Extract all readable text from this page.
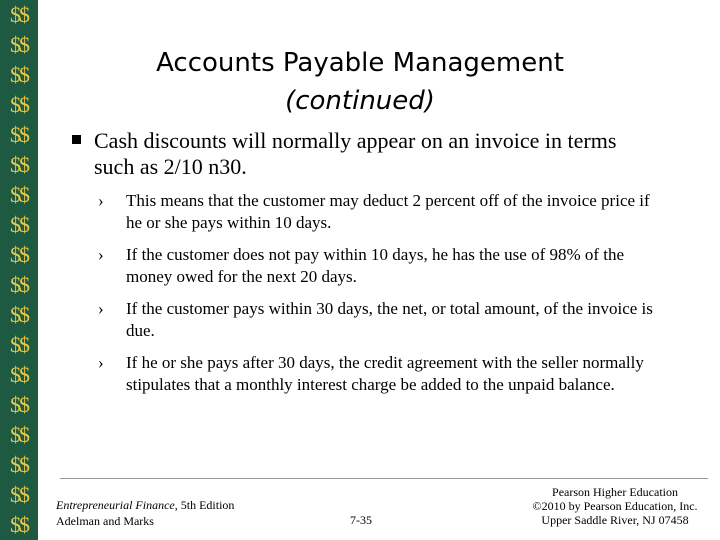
$$
$$
$$
$$
$$
$$
$$
$$
$$
$$
$$
$$
$$
$$
$$
$$
$$
$$
Accounts Payable Management
(continued)
Cash discounts will normally appear on an invoice in terms such as 2/10 n30.
› This means that the customer may deduct 2 percent off of the invoice price if he or she pays within 10 days.
› If the customer does not pay within 10 days, he has the use of 98% of the money owed for the next 20 days.
› If the customer pays within 30 days, the net, or total amount, of the invoice is due.
› If he or she pays after 30 days, the credit agreement with the seller normally stipulates that a monthly interest charge be added to the unpaid balance.
Entrepreneurial Finance, 5th Edition
Adelman and Marks	7-35
Pearson Higher Education
©2010 by Pearson Education, Inc.
Upper Saddle River, NJ 07458
